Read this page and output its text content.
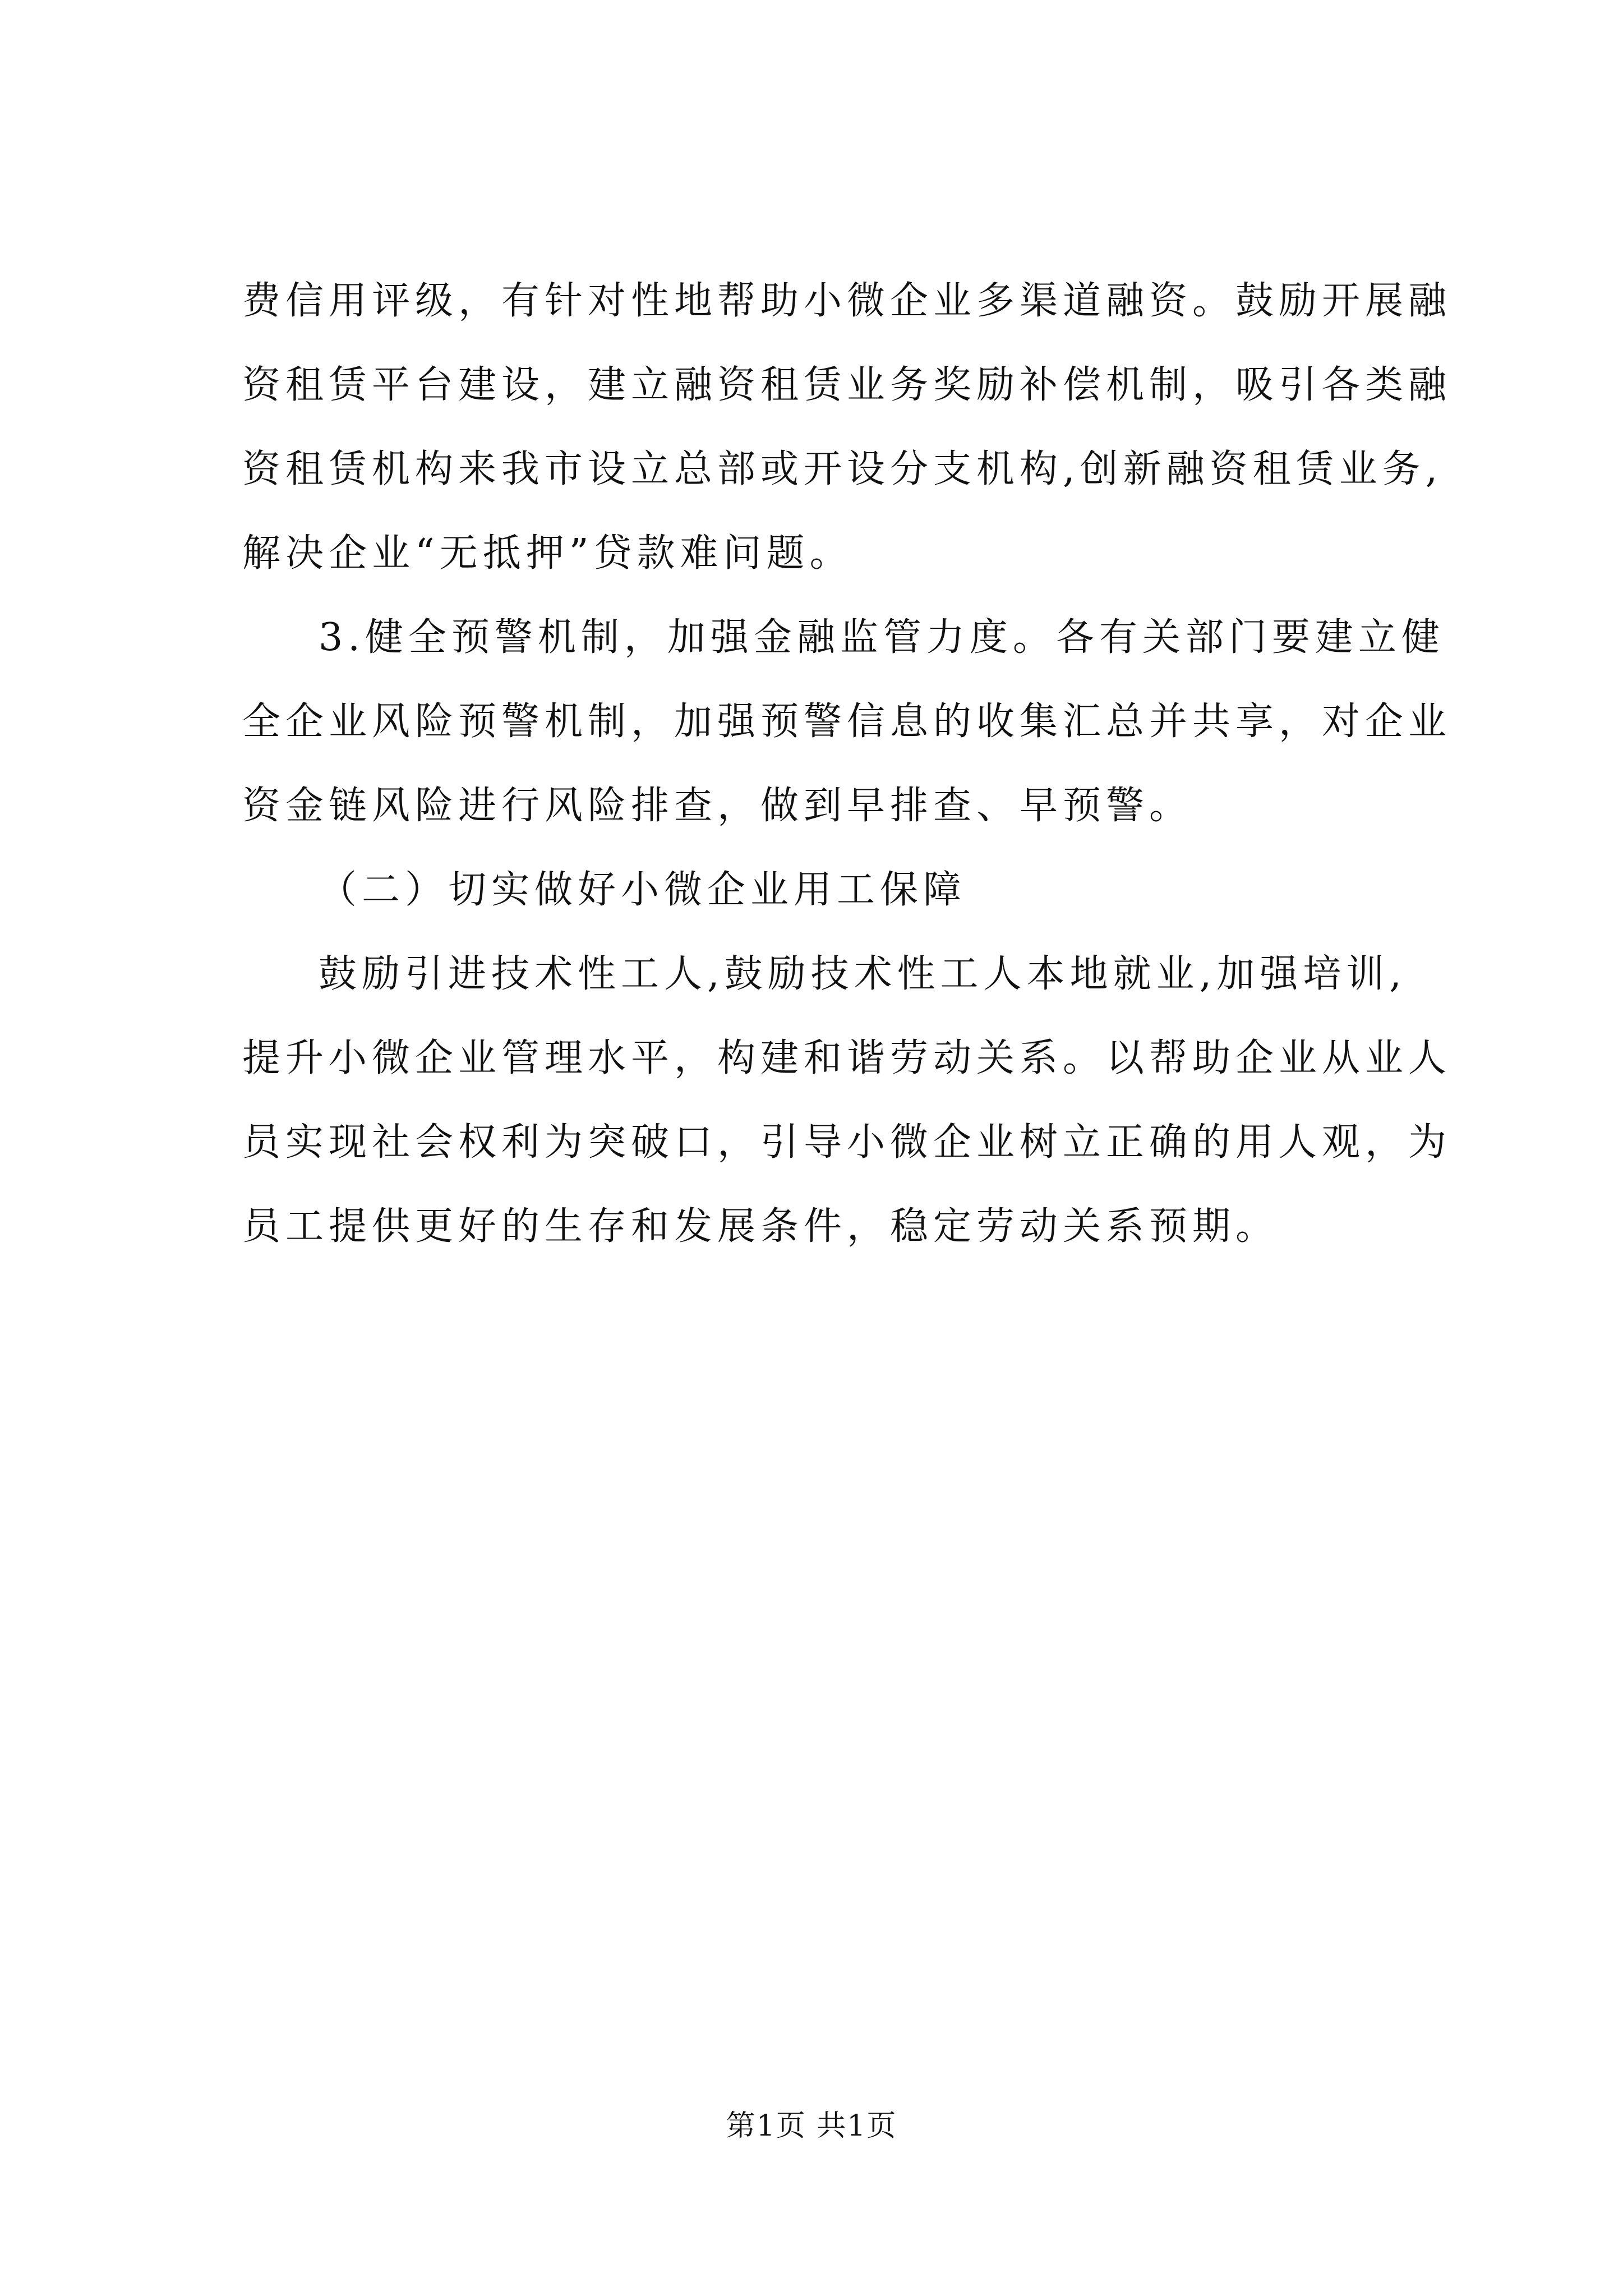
费信用评级，有针对性地帮助小微企业多渠道融资。鼓励开展融
资租赁平台建设，建立融资租赁业务奖励补偿机制，吸引各类融
资租赁机构来我市设立总部或开设分支机构,创新融资租赁业务,
解决企业“无抵押”贷款难问题。
3.健全预警机制，加强金融监管力度。各有关部门要建立健
全企业风险预警机制，加强预警信息的收集汇总并共享，对企业
资金链风险进行风险排查，做到早排查、早预警。
（二）切实做好小微企业用工保障
鼓励引进技术性工人,鼓励技术性工人本地就业,加强培训,
提升小微企业管理水平，构建和谐劳动关系。以帮助企业从业人
员实现社会权利为突破口，引导小微企业树立正确的用人观，为
员工提供更好的生存和发展条件，稳定劳动关系预期。
第1页 共1页
